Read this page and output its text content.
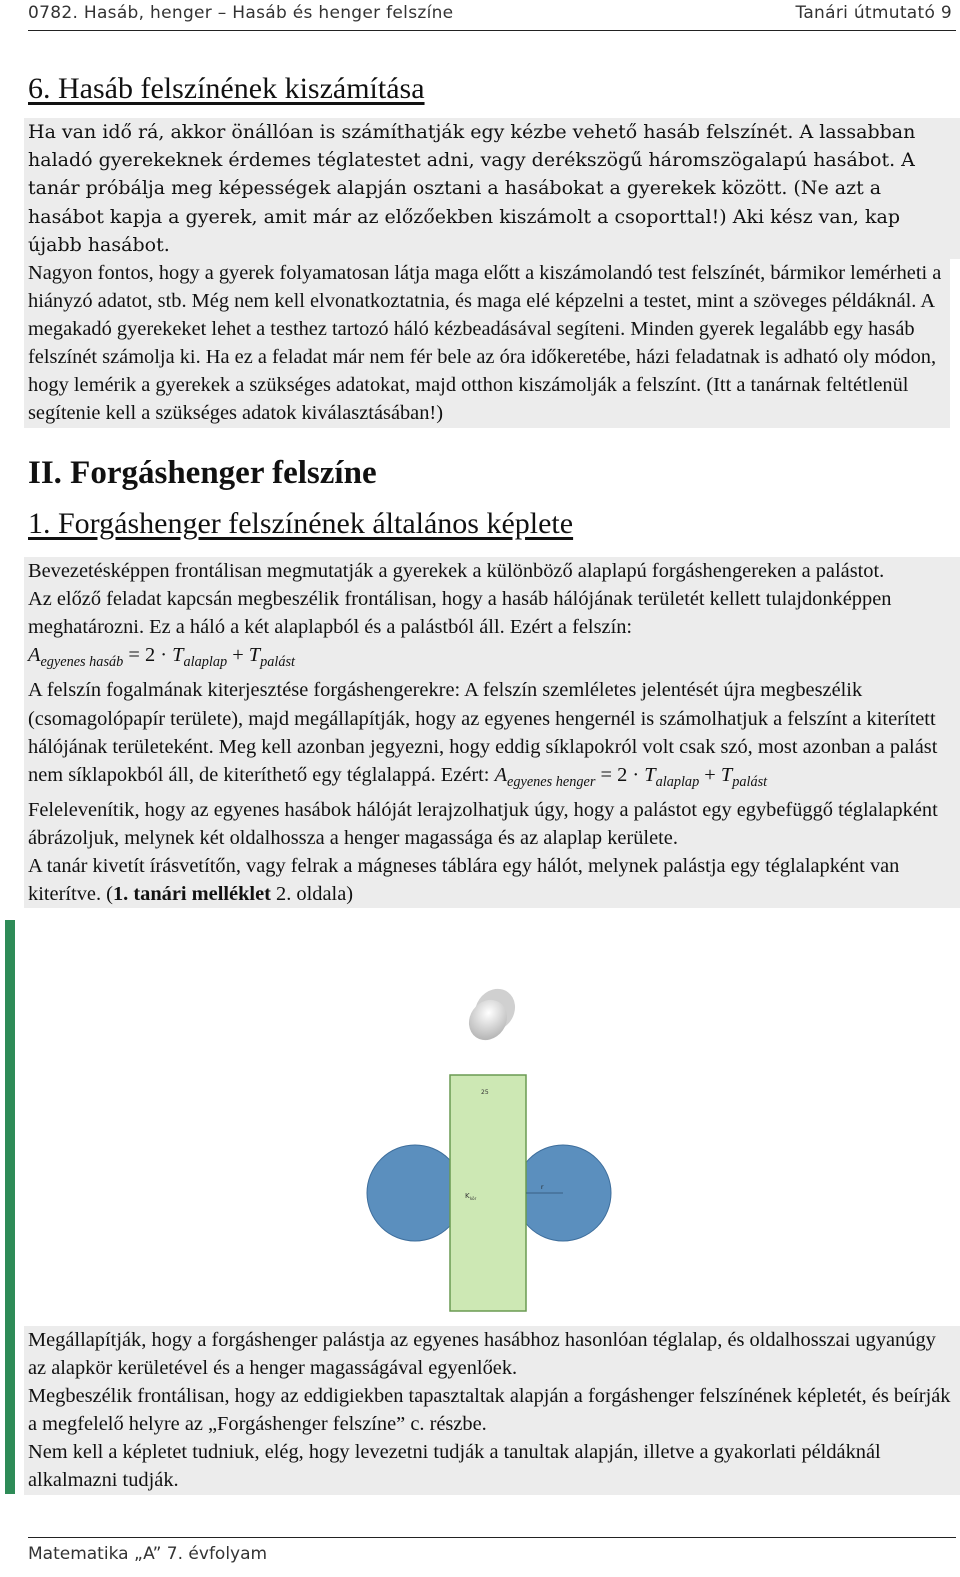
0782. Hasáb, henger – Hasáb és henger felszíne	Tanári útmutató 9
6. Hasáb felszínének kiszámítása

Ha van idő rá, akkor önállóan is számíthatják egy kézbe vehető hasáb felszínét. A lassabban haladó gyerekeknek érdemes téglatestet adni, vagy derékszögű háromszögalapú hasábot. A tanár próbálja meg képességek alapján osztani a hasábokat a gyerekek között. (Ne azt a hasábot kapja a gyerek, amit már az előzőekben kiszámolt a csoporttal!) Aki kész van, kap újabb hasábot.

Nagyon fontos, hogy a gyerek folyamatosan látja maga előtt a kiszámolandó test felszínét, bármikor lemérheti a hiányzó adatot, stb. Még nem kell elvonatkoztatnia, és maga elé képzelni a testet, mint a szöveges példáknál. A megakadó gyerekeket lehet a testhez tartozó háló kézbeadásával segíteni. Minden gyerek legalább egy hasáb felszínét számolja ki. Ha ez a feladat már nem fér bele az óra időkeretébe, házi feladatnak is adható oly módon, hogy lemérik a gyerekek a szükséges adatokat, majd otthon kiszámolják a felszínt. (Itt a tanárnak feltétlenül segítenie kell a szükséges adatok kiválasztásában!)

II. Forgáshenger felszíne
1. Forgáshenger felszínének általános képlete

Bevezetésképpen frontálisan megmutatják a gyerekek a különböző alaplapú forgáshengereken a palástot.

Az előző feladat kapcsán megbeszélik frontálisan, hogy a hasáb hálójának területét kellett tulajdonképpen meghatározni. Ez a háló a két alaplapból és a palástból áll. Ezért a felszín:

$A_{egyenes hasáb} = 2 \cdot T_{alaplap} + T_{palást}$

A felszín fogalmának kiterjesztése forgáshengerekre: A felszín szemléletes jelentését újra megbeszélik (csomagolópapír területe), majd megállapítják, hogy az egyenes hengernél is számolhatjuk a felszínt a kiterített hálójának területeként. Meg kell azonban jegyezni, hogy eddig síklapokról volt csak szó, most azonban a palást nem síklapokból áll, de kiteríthető egy téglalappá. Ezért: $A_{egyenes henger} = 2 \cdot T_{alaplap} + T_{palást}$

Felelevenítik, hogy az egyenes hasábok hálóját lerajzolhatjuk úgy, hogy a palástot egy egybefüggő téglalapként ábrázoljuk, melynek két oldalhossza a henger magassága és az alaplap kerülete.

A tanár kivetít írásvetítőn, vagy felrak a mágneses táblára egy hálót, melynek palástja egy téglalapként van kiterítve. (1. tanári melléklet 2. oldala)

25
K kör
r

Megállapítják, hogy a forgáshenger palástja az egyenes hasábhoz hasonlóan téglalap, és oldalhosszai ugyanúgy az alapkör kerületével és a henger magasságával egyenlőek.

Megbeszélik frontálisan, hogy az eddigiekben tapasztaltak alapján a forgáshenger felszínének képletét, és beírják a megfelelő helyre az „Forgáshenger felszíne” c. részbe.

Nem kell a képletet tudniuk, elég, hogy levezetni tudják a tanultak alapján, illetve a gyakorlati példáknál alkalmazni tudják.

Matematika „A” 7. évfolyam
